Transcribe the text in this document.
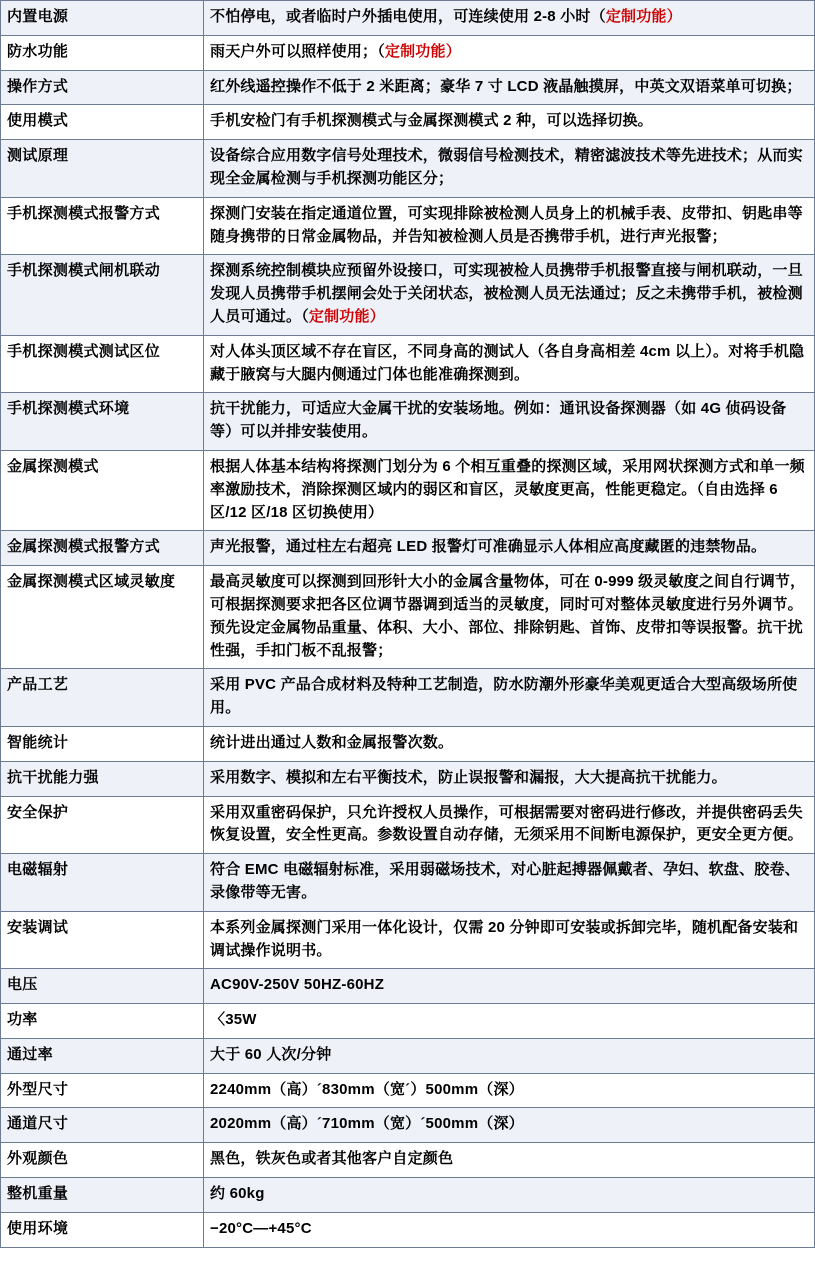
内置电源	不怕停电，或者临时户外插电使用，可连续使用 2-8 小时（定制功能）
防水功能	雨天户外可以照样使用；（定制功能）
操作方式	红外线遥控操作不低于 2 米距离；豪华 7 寸 LCD 液晶触摸屏，中英文双语菜单可切换；
使用模式	手机安检门有手机探测模式与金属探测模式 2 种，可以选择切换。
测试原理	设备综合应用数字信号处理技术，微弱信号检测技术，精密滤波技术等先进技术；从而实现全金属检测与手机探测功能区分；
手机探测模式报警方式	探测门安装在指定通道位置，可实现排除被检测人员身上的机械手表、皮带扣、钥匙串等随身携带的日常金属物品，并告知被检测人员是否携带手机，进行声光报警；
手机探测模式闸机联动	探测系统控制模块应预留外设接口，可实现被检人员携带手机报警直接与闸机联动，一旦发现人员携带手机摆闸会处于关闭状态，被检测人员无法通过；反之未携带手机，被检测人员可通过。（定制功能）
手机探测模式测试区位	对人体头顶区域不存在盲区，不同身高的测试人（各自身高相差 4cm 以上）。对将手机隐藏于腋窝与大腿内侧通过门体也能准确探测到。
手机探测模式环境	抗干扰能力，可适应大金属干扰的安装场地。例如：通讯设备探测器（如 4G 侦码设备等）可以并排安装使用。
金属探测模式	根据人体基本结构将探测门划分为 6 个相互重叠的探测区域，采用网状探测方式和单一频率激励技术，消除探测区域内的弱区和盲区，灵敏度更高，性能更稳定。（自由选择 6 区/12 区/18 区切换使用）
金属探测模式报警方式	声光报警，通过柱左右超亮 LED 报警灯可准确显示人体相应高度藏匿的违禁物品。
金属探测模式区域灵敏度	最高灵敏度可以探测到回形针大小的金属含量物体，可在 0-999 级灵敏度之间自行调节，可根据探测要求把各区位调节器调到适当的灵敏度，同时可对整体灵敏度进行另外调节。预先设定金属物品重量、体积、大小、部位、排除钥匙、首饰、皮带扣等误报警。抗干扰性强，手扣门板不乱报警；
产品工艺	采用 PVC 产品合成材料及特种工艺制造，防水防潮外形豪华美观更适合大型高级场所使用。
智能统计	统计进出通过人数和金属报警次数。
抗干扰能力强	采用数字、模拟和左右平衡技术，防止误报警和漏报，大大提高抗干扰能力。
安全保护	采用双重密码保护，只允许授权人员操作，可根据需要对密码进行修改，并提供密码丢失恢复设置，安全性更高。参数设置自动存储，无须采用不间断电源保护，更安全更方便。
电磁辐射	符合 EMC 电磁辐射标准，采用弱磁场技术，对心脏起搏器佩戴者、孕妇、软盘、胶卷、录像带等无害。
安装调试	本系列金属探测门采用一体化设计，仅需 20 分钟即可安装或拆卸完毕，随机配备安装和调试操作说明书。
电压	AC90V-250V 50HZ-60HZ
功率	〈35W
通过率	大于 60 人次/分钟
外型尺寸	2240mm（高）´830mm（宽´）500mm（深）
通道尺寸	2020mm（高）´710mm（宽）´500mm（深）
外观颜色	黑色，铁灰色或者其他客户自定颜色
整机重量	约 60kg
使用环境	−20°C—+45°C
